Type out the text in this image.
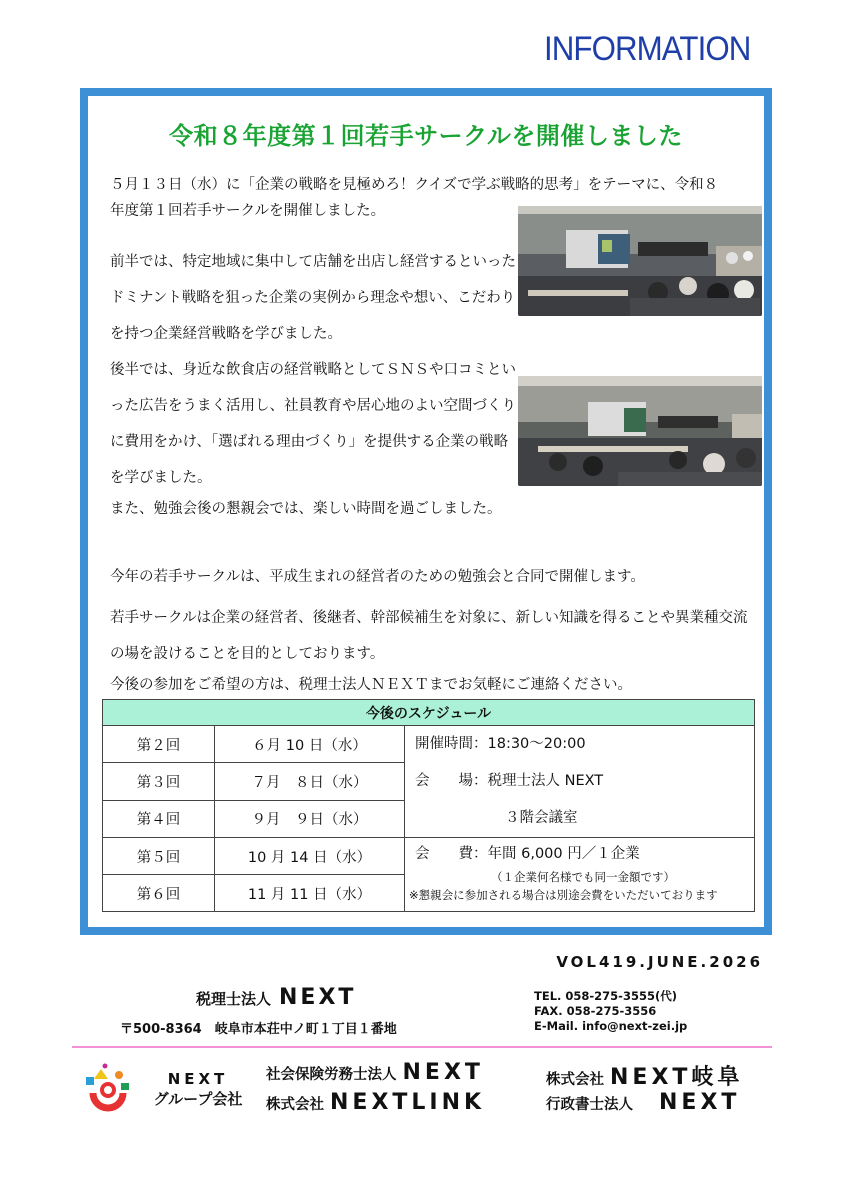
INFORMATION
令和８年度第１回若手サークルを開催しました
５月１３日（水）に「企業の戦略を見極めろ！クイズで学ぶ戦略的思考」をテーマに、令和８
年度第１回若手サークルを開催しました。
前半では、特定地域に集中して店舗を出店し経営するといったドミナント戦略を狙った企業の実例から理念や想い、こだわりを持つ企業経営戦略を学びました。
後半では、身近な飲食店の経営戦略としてＳＮＳや口コミといった広告をうまく活用し、社員教育や居心地のよい空間づくりに費用をかけ、「選ばれる理由づくり」を提供する企業の戦略を学びました。
また、勉強会後の懇親会では、楽しい時間を過ごしました。
今年の若手サークルは、平成生まれの経営者のための勉強会と合同で開催します。
若手サークルは企業の経営者、後継者、幹部候補生を対象に、新しい知識を得ることや異業種交流の場を設けることを目的としております。
今後の参加をご希望の方は、税理士法人ＮＥＸＴまでお気軽にご連絡ください。
今後のスケジュール		
第２回	６月 10 日（水）	開催時間：18:30～20:00
会　　場：税理士法人 NEXT
３階会議室

第３回	７月　８日（水）	
第４回	９月　９日（水）	
第５回	10 月 14 日（水）	会　　費：年間 6,000 円／１企業
（１企業何名様でも同一金額です）
※懇親会に参加される場合は別途会費をいただいております

第６回	11 月 11 日（水）	
VOL419.JUNE.2026
税理士法人 NEXT
〒500-8364　岐阜市本荘中ノ町１丁目１番地
TEL. 058-275-3555(代)
FAX. 058-275-3556
E-Mail. info@next-zei.jp
NEXT
グループ会社
社会保険労務士法人 NEXT	株式会社 NEXT岐阜
株式会社 NEXTLINK	行政書士法人 NEXT
